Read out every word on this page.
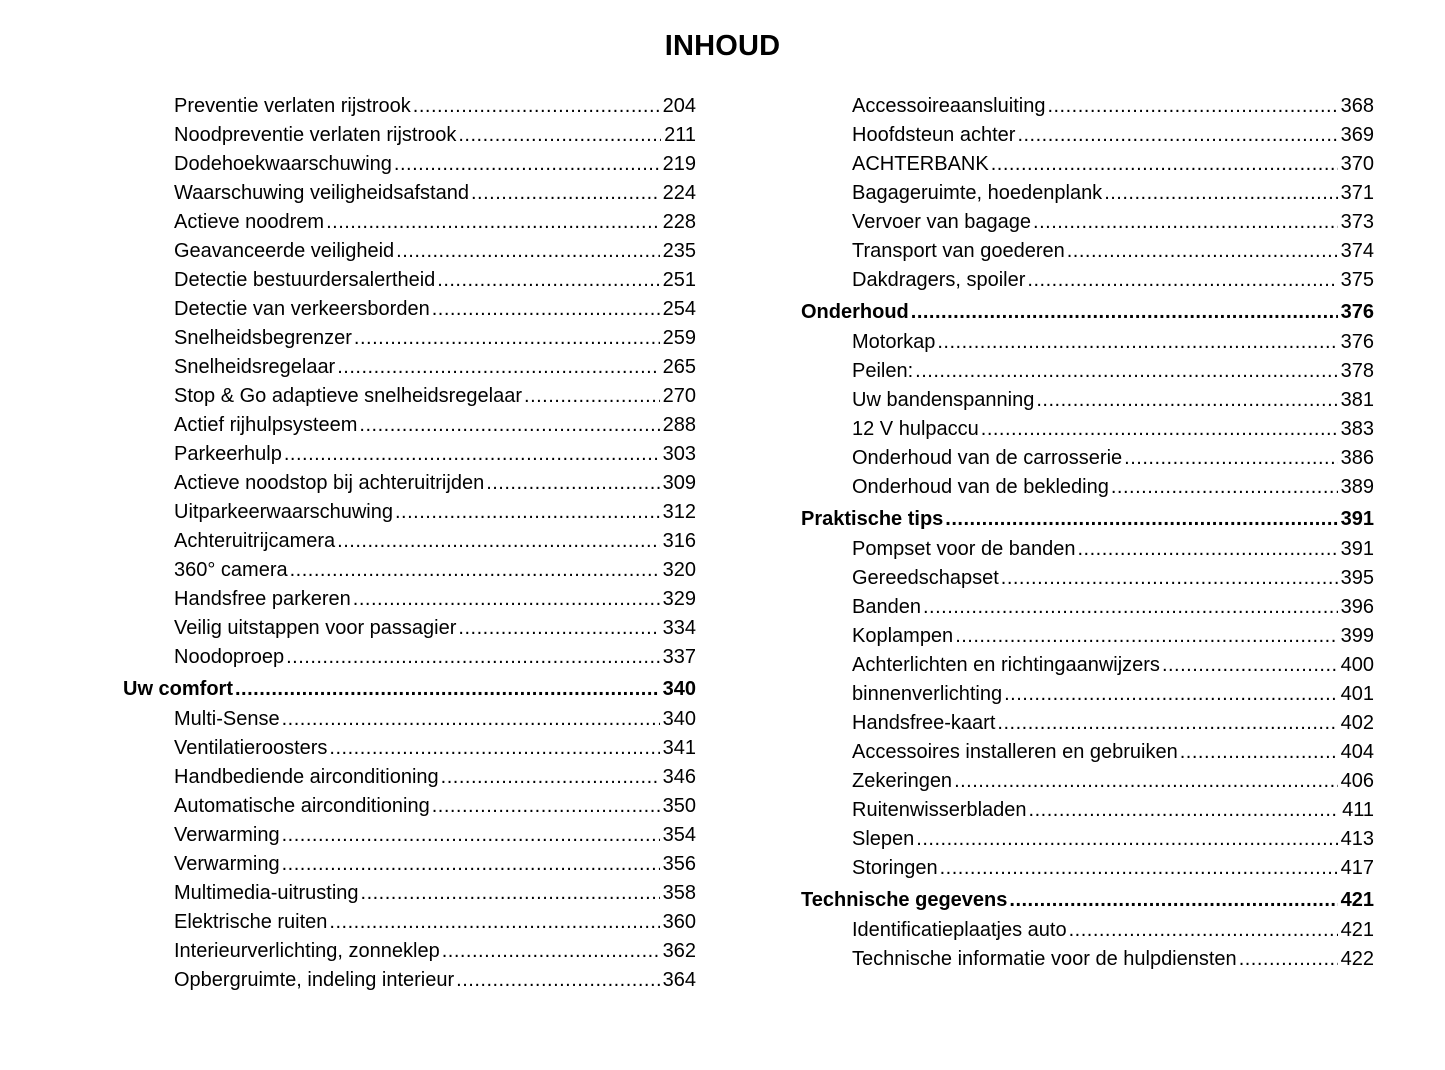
INHOUD
Preventie verlaten rijstrook .....	204
Noodpreventie verlaten rijstrook .....	211
Dodehoekwaarschuwing .....	219
Waarschuwing veiligheidsafstand .....	224
Actieve noodrem .....	228
Geavanceerde veiligheid .....	235
Detectie bestuurdersalertheid .....	251
Detectie van verkeersborden .....	254
Snelheidsbegrenzer .....	259
Snelheidsregelaar .....	265
Stop & Go adaptieve snelheidsregelaar .....	270
Actief rijhulpsysteem .....	288
Parkeerhulp .....	303
Actieve noodstop bij achteruitrijden .....	309
Uitparkeerwaarschuwing .....	312
Achteruitrijcamera .....	316
360° camera .....	320
Handsfree parkeren .....	329
Veilig uitstappen voor passagier .....	334
Noodoproep .....	337
Uw comfort .....	340
Multi-Sense .....	340
Ventilatieroosters .....	341
Handbediende airconditioning .....	346
Automatische airconditioning .....	350
Verwarming .....	354
Verwarming .....	356
Multimedia-uitrusting .....	358
Elektrische ruiten .....	360
Interieurverlichting, zonneklep .....	362
Opbergruimte, indeling interieur .....	364
Accessoireaansluiting .....	368
Hoofdsteun achter .....	369
ACHTERBANK .....	370
Bagageruimte, hoedenplank .....	371
Vervoer van bagage .....	373
Transport van goederen .....	374
Dakdragers, spoiler .....	375
Onderhoud .....	376
Motorkap .....	376
Peilen: .....	378
Uw bandenspanning .....	381
12 V hulpaccu .....	383
Onderhoud van de carrosserie .....	386
Onderhoud van de bekleding .....	389
Praktische tips .....	391
Pompset voor de banden .....	391
Gereedschapset .....	395
Banden .....	396
Koplampen .....	399
Achterlichten en richtingaanwijzers .....	400
binnenverlichting .....	401
Handsfree-kaart .....	402
Accessoires installeren en gebruiken .....	404
Zekeringen .....	406
Ruitenwisserbladen .....	411
Slepen .....	413
Storingen .....	417
Technische gegevens .....	421
Identificatieplaatjes auto .....	421
Technische informatie voor de hulpdiensten .....	422
